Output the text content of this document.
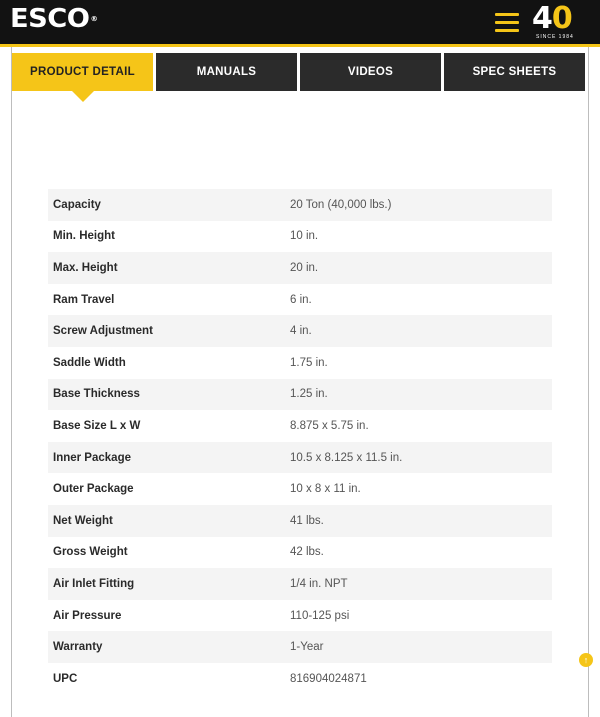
ESCO®	40
SINCE 1984
PRODUCT DETAIL	MANUALS	VIDEOS	SPEC SHEETS
Capacity	20 Ton (40,000 lbs.)
Min. Height	10 in.
Max. Height	20 in.
Ram Travel	6 in.
Screw Adjustment	4 in.
Saddle Width	1.75 in.
Base Thickness	1.25 in.
Base Size L x W	8.875 x 5.75 in.
Inner Package	10.5 x 8.125 x 11.5 in.
Outer Package	10 x 8 x 11 in.
Net Weight	41 lbs.
Gross Weight	42 lbs.
Air Inlet Fitting	1/4 in. NPT
Air Pressure	110-125 psi
Warranty	1-Year
UPC	816904024871
↑
